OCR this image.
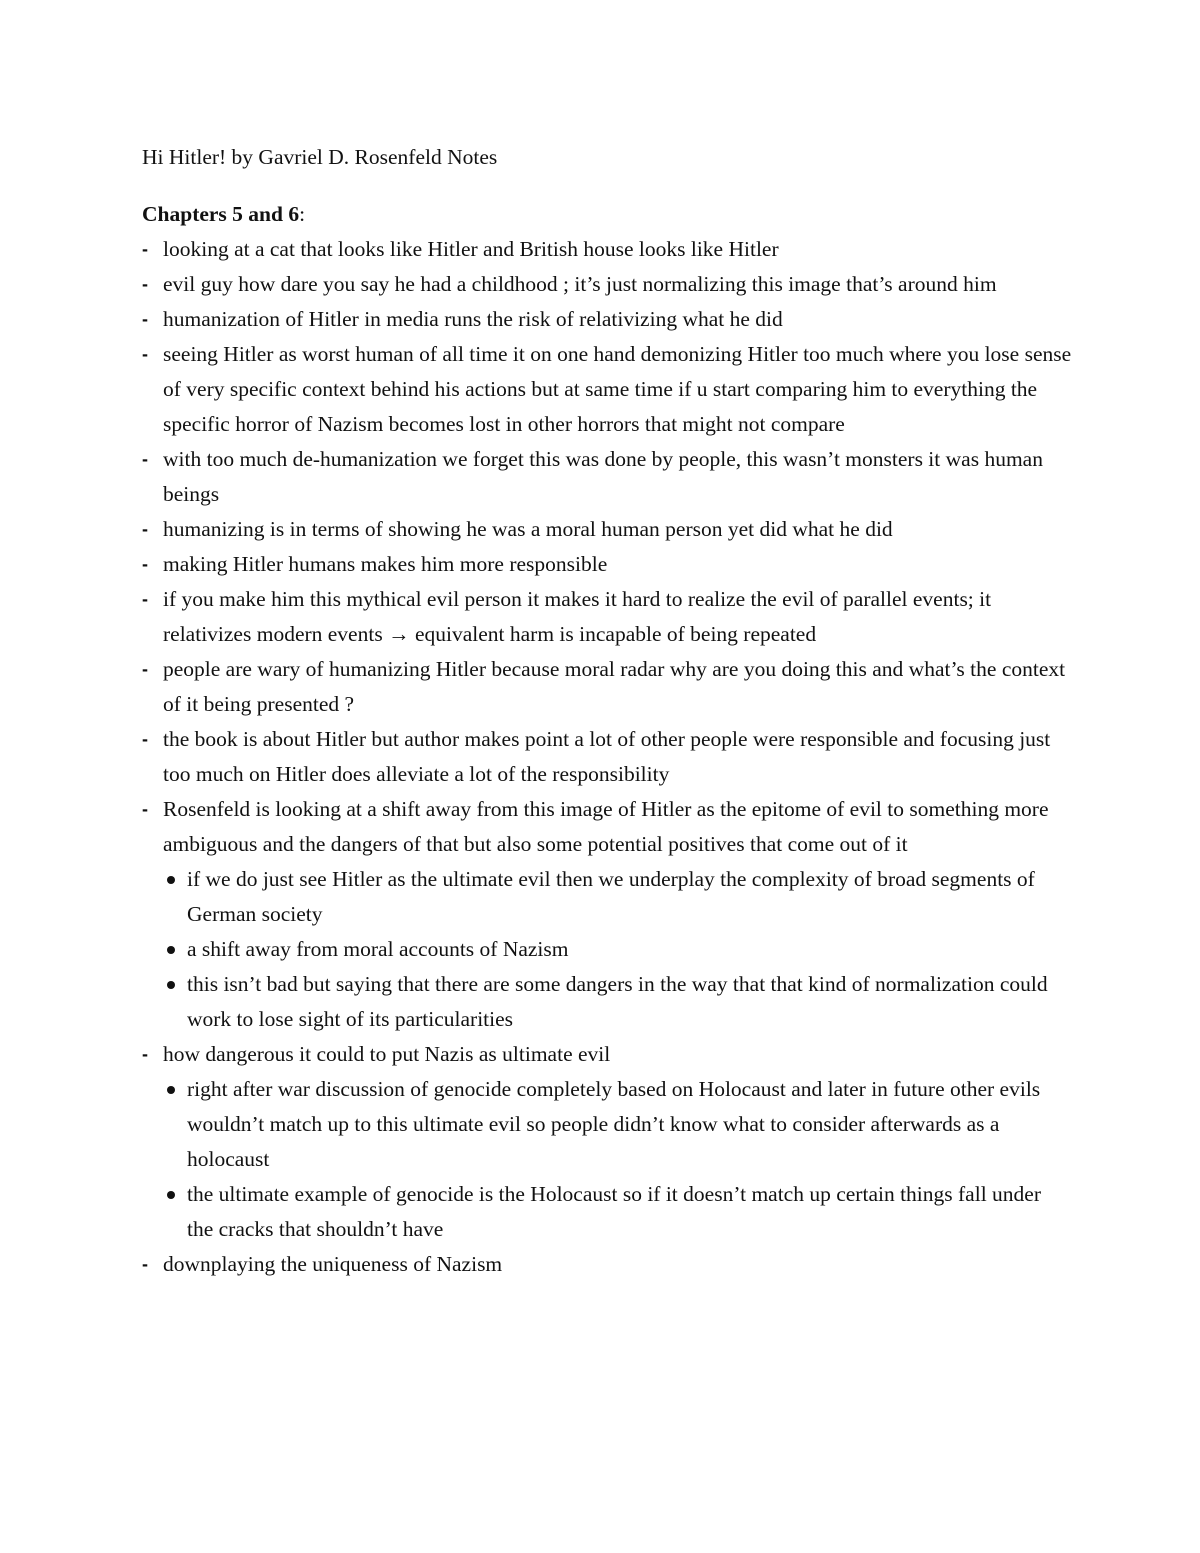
Hi Hitler! by Gavriel D. Rosenfeld Notes

Chapters 5 and 6:

- looking at a cat that looks like Hitler and British house looks like Hitler
- evil guy how dare you say he had a childhood ; it’s just normalizing this image that’s around him
- humanization of Hitler in media runs the risk of relativizing what he did
- seeing Hitler as worst human of all time it on one hand demonizing Hitler too much where you lose sense of very specific context behind his actions but at same time if u start comparing him to everything the specific horror of Nazism becomes lost in other horrors that might not compare
- with too much de-humanization we forget this was done by people, this wasn’t monsters it was human beings
- humanizing is in terms of showing he was a moral human person yet did what he did
- making Hitler humans makes him more responsible
- if you make him this mythical evil person it makes it hard to realize the evil of parallel events; it relativizes modern events → equivalent harm is incapable of being repeated
- people are wary of humanizing Hitler because moral radar why are you doing this and what’s the context of it being presented ?
- the book is about Hitler but author makes point a lot of other people were responsible and focusing just too much on Hitler does alleviate a lot of the responsibility
- Rosenfeld is looking at a shift away from this image of Hitler as the epitome of evil to something more ambiguous and the dangers of that but also some potential positives that come out of it
if we do just see Hitler as the ultimate evil then we underplay the complexity of broad segments of German society
a shift away from moral accounts of Nazism
this isn’t bad but saying that there are some dangers in the way that that kind of normalization could work to lose sight of its particularities
- how dangerous it could to put Nazis as ultimate evil
right after war discussion of genocide completely based on Holocaust and later in future other evils wouldn’t match up to this ultimate evil so people didn’t know what to consider afterwards as a holocaust
the ultimate example of genocide is the Holocaust so if it doesn’t match up certain things fall under the cracks that shouldn’t have
- downplaying the uniqueness of Nazism
